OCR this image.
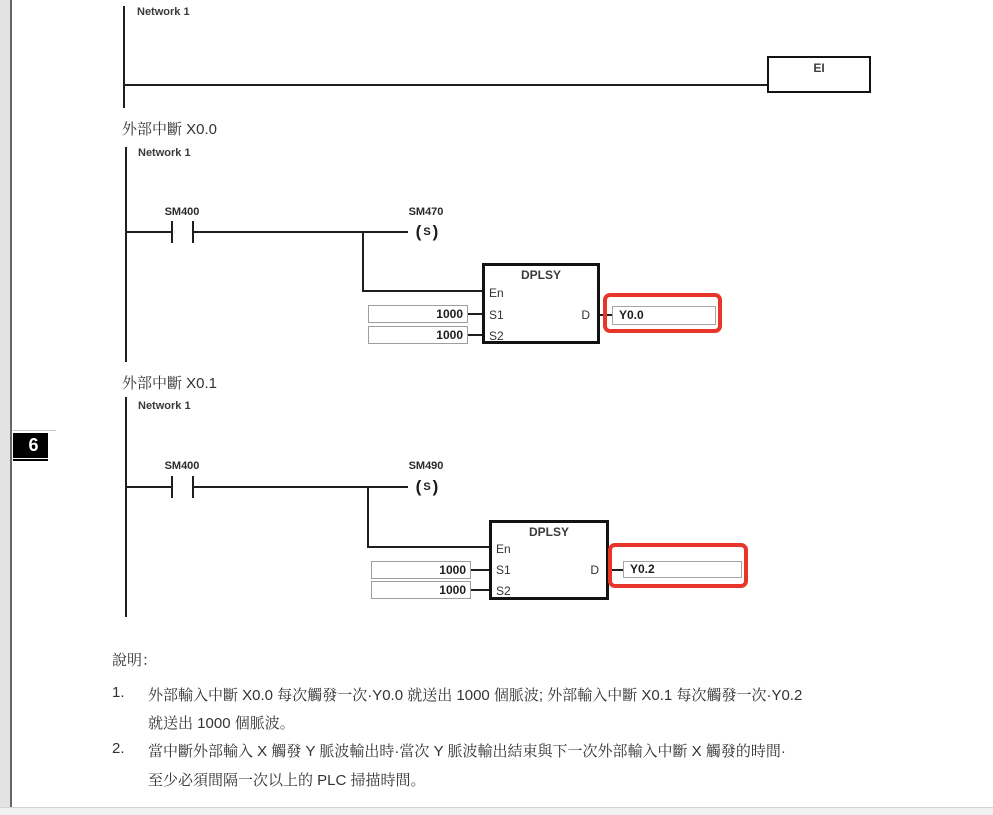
6
Network 1
EI
外部中斷 X0.0
Network 1
SM400	SM470
( S )
DPLSY
En
S1
S2
D
1000
1000
Y0.0
外部中斷 X0.1
Network 1
SM400	SM490
( S )
DPLSY
En
S1
S2
D
1000
1000
Y0.2
說明：
1. 外部輸入中斷 X0.0 每次觸發一次·Y0.0 就送出 1000 個脈波; 外部輸入中斷 X0.1 每次觸發一次·Y0.2
就送出 1000 個脈波。
2. 當中斷外部輸入 X 觸發 Y 脈波輸出時·當次 Y 脈波輸出結束與下一次外部輸入中斷 X 觸發的時間·
至少必須間隔一次以上的 PLC 掃描時間。
